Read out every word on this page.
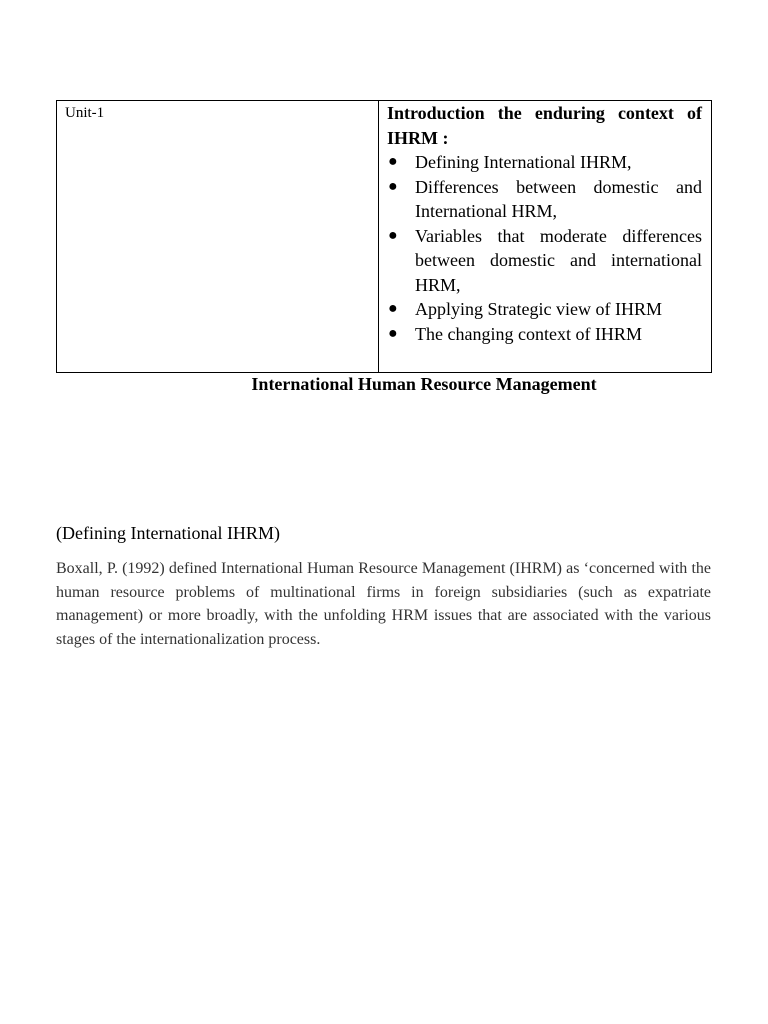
Unit-1	Introduction the enduring context of IHRM :

● Defining International IHRM,
● Differences between domestic and International HRM,
● Variables that moderate differences between domestic and international HRM,
● Applying Strategic view of IHRM
● The changing context of IHRM
International Human Resource Management
(Defining International IHRM)

Boxall, P. (1992) defined International Human Resource Management (IHRM) as ‘concerned with the human resource problems of multinational firms in foreign subsidiaries (such as expatriate management) or more broadly, with the unfolding HRM issues that are associated with the various stages of the internationalization process.
